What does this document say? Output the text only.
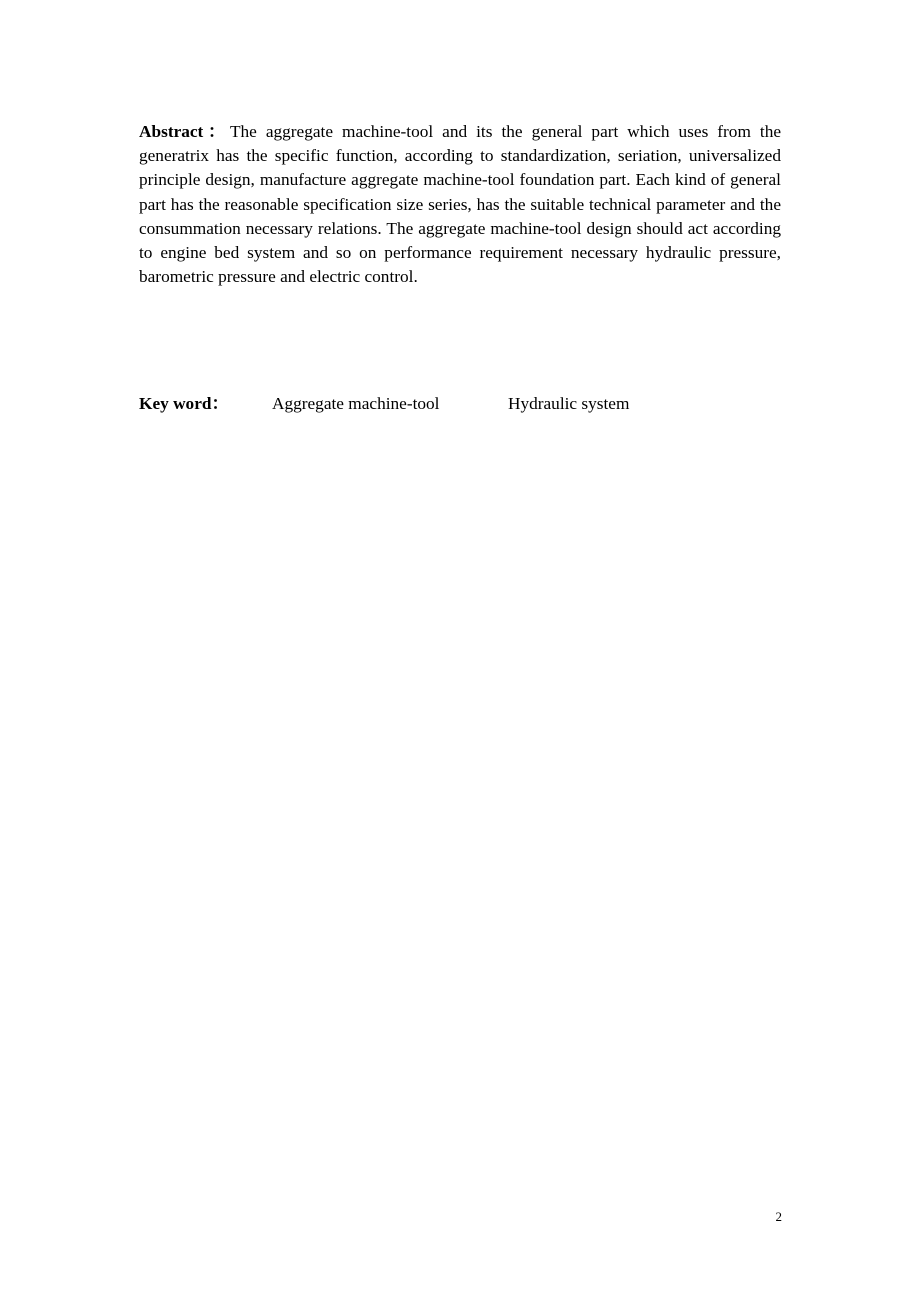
Abstract：The aggregate machine-tool and its the general part which uses from the generatrix has the specific function, according to standardization, seriation, universalized principle design, manufacture aggregate machine-tool foundation part. Each kind of general part has the reasonable specification size series, has the suitable technical parameter and the consummation necessary relations. The aggregate machine-tool design should act according to engine bed system and so on performance requirement necessary hydraulic pressure, barometric pressure and electric control.

Key word： Aggregate machine-tool	Hydraulic system
2
